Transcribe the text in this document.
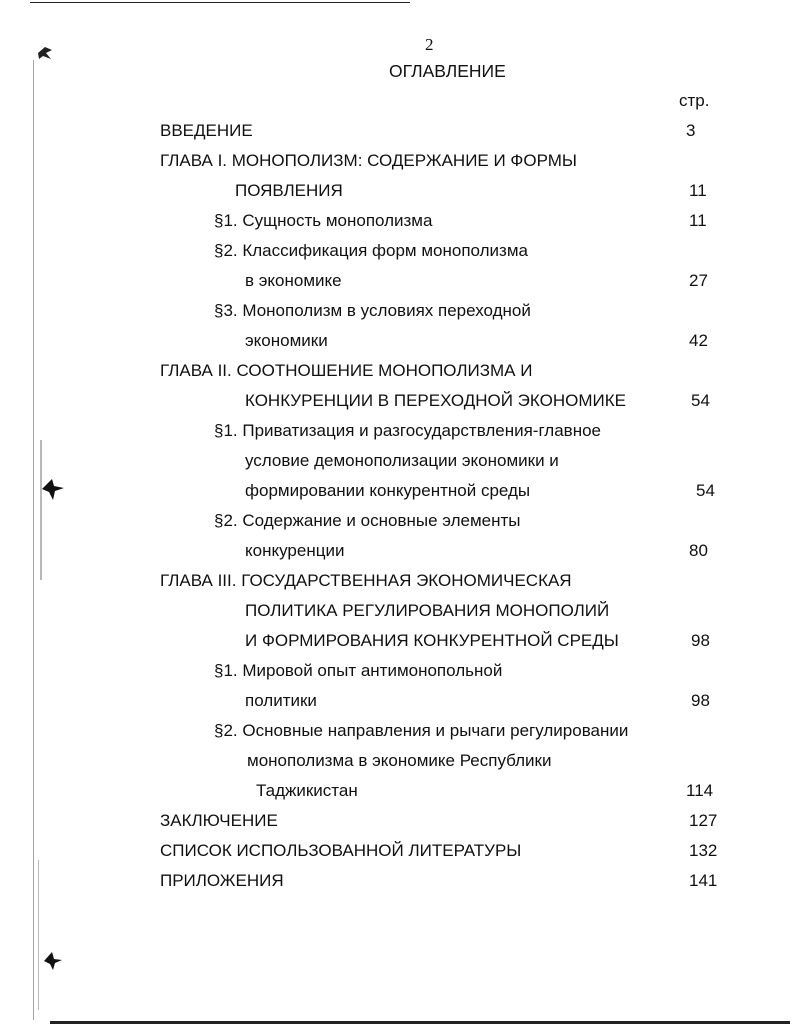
2
ОГЛАВЛЕНИЕ
стр.
ВВЕДЕНИЕ	3
ГЛАВА I. МОНОПОЛИЗМ: СОДЕРЖАНИЕ И ФОРМЫ
ПОЯВЛЕНИЯ	11
§1. Сущность монополизма	11
§2. Классификация форм монополизма
в экономике	27
§3. Монополизм в условиях переходной
экономики	42
ГЛАВА II. СООТНОШЕНИЕ МОНОПОЛИЗМА И
КОНКУРЕНЦИИ В ПЕРЕХОДНОЙ ЭКОНОМИКЕ	54
§1. Приватизация и разгосударствления-главное
условие демонополизации экономики и
формировании конкурентной среды	54
§2. Содержание и основные элементы
конкуренции	80
ГЛАВА III. ГОСУДАРСТВЕННАЯ ЭКОНОМИЧЕСКАЯ
ПОЛИТИКА РЕГУЛИРОВАНИЯ МОНОПОЛИЙ
И ФОРМИРОВАНИЯ КОНКУРЕНТНОЙ СРЕДЫ	98
§1. Мировой опыт антимонопольной
политики	98
§2. Основные направления и рычаги регулировании
монополизма в экономике Республики
Таджикистан	114
ЗАКЛЮЧЕНИЕ	127
СПИСОК ИСПОЛЬЗОВАННОЙ ЛИТЕРАТУРЫ	132
ПРИЛОЖЕНИЯ	141
